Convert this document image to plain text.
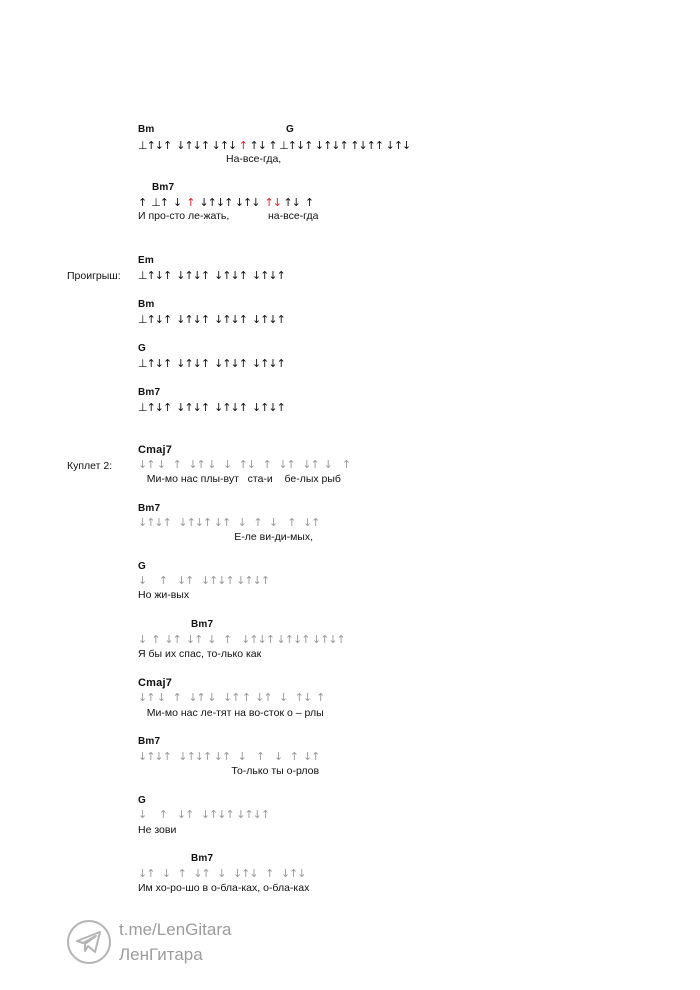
Bm	G
⊥↑↓↑ ↓↑↓↑ ↓↑↓ ↑ ↑↓ ↑ ⊥↑↓↑ ↓↑↓↑ ↑↓↑↑ ↓↑↓
На-все-гда,
Bm7
↑ ⊥↑ ↓ ↑ ↓↑↓↑ ↓↑↓ ↑↓ ↑↓ ↑
И про-сто ле-жать,	на-все-гда
Проигрыш:
Em
⊥↑↓↑  ↓↑↓↑  ↓↑↓↑  ↓↑↓↑
Bm
⊥↑↓↑  ↓↑↓↑  ↓↑↓↑  ↓↑↓↑
G
⊥↑↓↑  ↓↑↓↑  ↓↑↓↑  ↓↑↓↑
Bm7
⊥↑↓↑  ↓↑↓↑  ↓↑↓↑  ↓↑↓↑
Куплет 2:
Cmaj7
↓↑ ↓   ↑   ↓↑ ↓   ↓   ↑↓   ↑   ↓↑   ↓↑  ↓    ↑
Ми-мо нас плы-вут   ста-и    бе-лых рыб
Bm7
↓↑↓↑   ↓↑↓↑ ↓↑   ↓   ↑   ↓    ↑   ↓↑
Е-ле ви-ди-мых,
G
↓     ↑    ↓↑   ↓↑↓↑ ↓↑↓↑
Но жи-вых
Bm7
↓  ↑  ↓↑  ↓↑  ↓   ↑    ↓↑↓↑ ↓↑↓↑ ↓↑↓↑
Я бы их спас, то-лько как
Cmaj7
↓↑ ↓   ↑   ↓↑ ↓   ↓↑ ↑  ↓↑   ↓   ↑↓  ↑
Ми-мо нас ле-тят на во-сток о – рлы
Bm7
↓↑↓↑   ↓↑↓↑ ↓↑   ↓    ↑    ↓   ↑  ↓↑
То-лько ты о-рлов
G
↓     ↑    ↓↑   ↓↑↓↑ ↓↑↓↑
Не зови
Bm7
↓↑   ↓   ↑   ↓↑   ↓   ↓↑↓   ↑   ↓↑↓
Им хо-ро-шо в о-бла-ках, о-бла-ках
t.me/LenGitara
ЛенГитара
